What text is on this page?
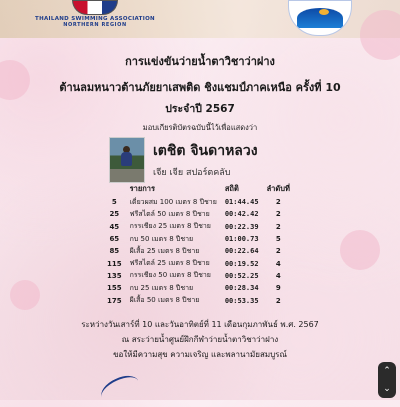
THAILAND SWIMMING ASSOCIATION
NORTHERN REGION
การแข่งขันว่ายน้ำตาวิชาว่าฝาง
ต้านลมหนาวต้านภัยยาเสพติด ชิงแชมป์ภาคเหนือ ครั้งที่ 10
ประจำปี 2567
มอบเกียรติบัตรฉบับนี้ไว้เพื่อแสดงว่า
เตชิต จินดาหลวง
เจีย เจีย สปอร์ตคลับ
	รายการ	สถิติ	ลำดับที่
5	เดี่ยวผสม 100 เมตร 8 ปีชาย	01:44.45	2
25	ฟรีสไตล์ 50 เมตร 8 ปีชาย	00:42.42	2
45	กรรเชียง 25 เมตร 8 ปีชาย	00:22.39	2
65	กบ 50 เมตร 8 ปีชาย	01:00.73	5
85	ผีเสื้อ 25 เมตร 8 ปีชาย	00:22.64	2
115	ฟรีสไตล์ 25 เมตร 8 ปีชาย	00:19.52	4
135	กรรเชียง 50 เมตร 8 ปีชาย	00:52.25	4
155	กบ 25 เมตร 8 ปีชาย	00:28.34	9
175	ผีเสื้อ 50 เมตร 8 ปีชาย	00:53.35	2
ระหว่างวันเสาร์ที่ 10 และวันอาทิตย์ที่ 11 เดือนกุมภาพันธ์ พ.ศ. 2567
ณ สระว่ายน้ำศูนย์ฝึกกีฬาว่ายน้ำตาวิชาว่าฝาง
ขอให้มีความสุข ความเจริญ และพลานามัยสมบูรณ์
⌃
⌄
